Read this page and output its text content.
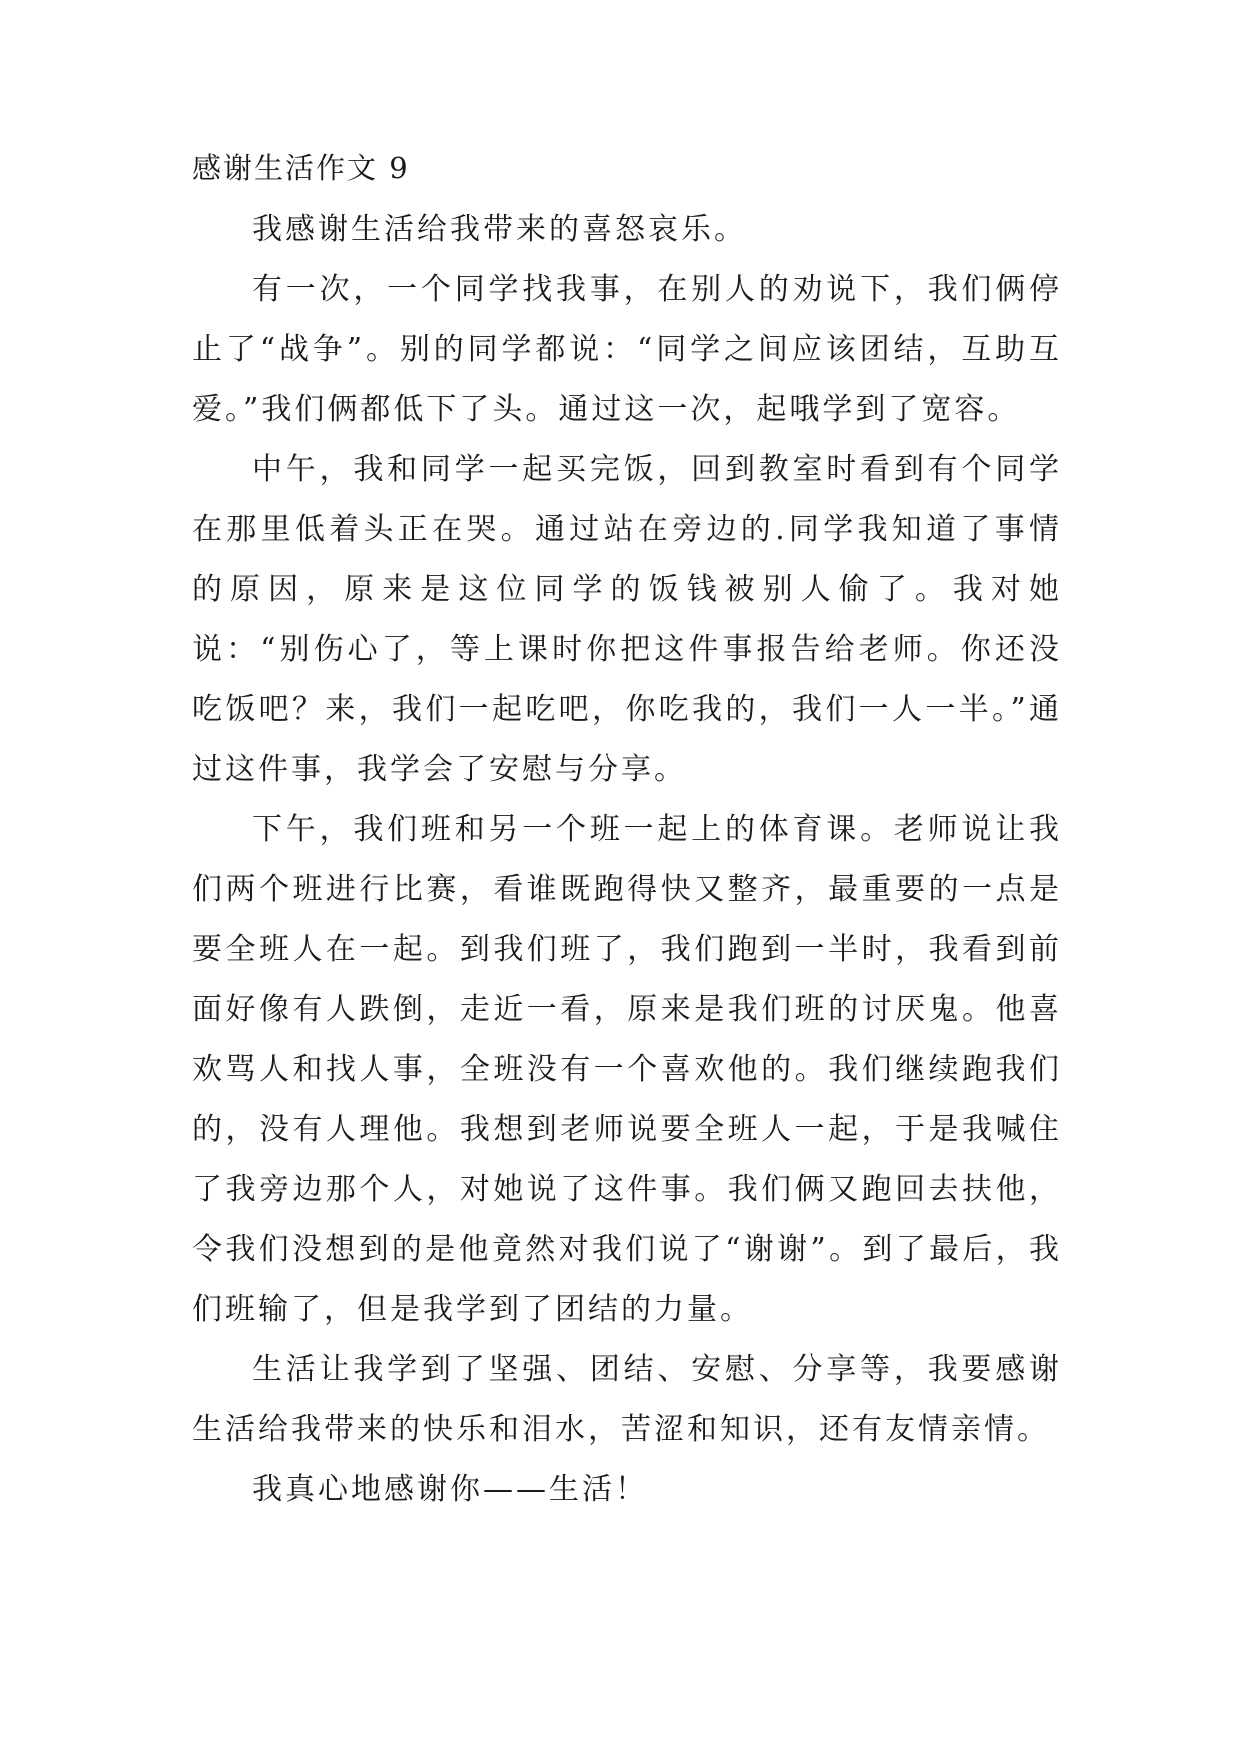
感谢生活作文 9

我感谢生活给我带来的喜怒哀乐。

有一次，一个同学找我事，在别人的劝说下，我们俩停止了“战争”。别的同学都说：“同学之间应该团结，互助互爱。”我们俩都低下了头。通过这一次，起哦学到了宽容。

中午，我和同学一起买完饭，回到教室时看到有个同学在那里低着头正在哭。通过站在旁边的.同学我知道了事情的原因，原来是这位同学的饭钱被别人偷了。我对她说：“别伤心了，等上课时你把这件事报告给老师。你还没吃饭吧？来，我们一起吃吧，你吃我的，我们一人一半。”通过这件事，我学会了安慰与分享。

下午，我们班和另一个班一起上的体育课。老师说让我们两个班进行比赛，看谁既跑得快又整齐，最重要的一点是要全班人在一起。到我们班了，我们跑到一半时，我看到前面好像有人跌倒，走近一看，原来是我们班的讨厌鬼。他喜欢骂人和找人事，全班没有一个喜欢他的。我们继续跑我们的，没有人理他。我想到老师说要全班人一起，于是我喊住了我旁边那个人，对她说了这件事。我们俩又跑回去扶他，令我们没想到的是他竟然对我们说了“谢谢”。到了最后，我们班输了，但是我学到了团结的力量。

生活让我学到了坚强、团结、安慰、分享等，我要感谢生活给我带来的快乐和泪水，苦涩和知识，还有友情亲情。

我真心地感谢你——生活！
